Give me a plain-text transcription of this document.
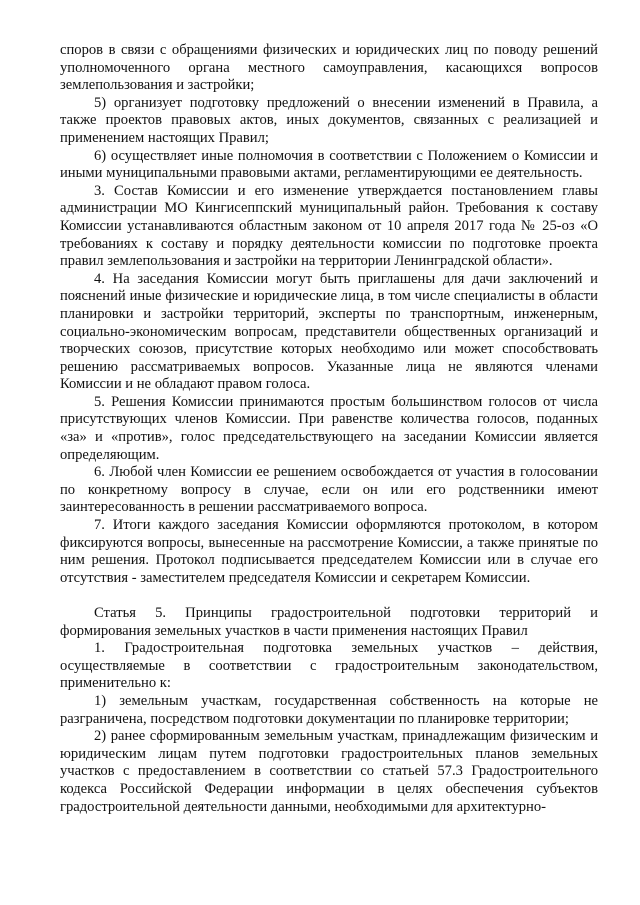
споров в связи с обращениями физических и юридических лиц по поводу решений уполномоченного органа местного самоуправления, касающихся вопросов землепользования и застройки;

5) организует подготовку предложений о внесении изменений в Правила, а также проектов правовых актов, иных документов, связанных с реализацией и применением настоящих Правил;

6) осуществляет иные полномочия в соответствии с Положением о Комиссии и иными муниципальными правовыми актами, регламентирующими ее деятельность.

3. Состав Комиссии и его изменение утверждается постановлением главы администрации МО Кингисеппский муниципальный район. Требования к составу Комиссии устанавливаются областным законом от 10 апреля 2017 года № 25-оз «О требованиях к составу и порядку деятельности комиссии по подготовке проекта правил землепользования и застройки на территории Ленинградской области».

4. На заседания Комиссии могут быть приглашены для дачи заключений и пояснений иные физические и юридические лица, в том числе специалисты в области планировки и застройки территорий, эксперты по транспортным, инженерным, социально-экономическим вопросам, представители общественных организаций и творческих союзов, присутствие которых необходимо или может способствовать решению рассматриваемых вопросов. Указанные лица не являются членами Комиссии и не обладают правом голоса.

5. Решения Комиссии принимаются простым большинством голосов от числа присутствующих членов Комиссии. При равенстве количества голосов, поданных «за» и «против», голос председательствующего на заседании Комиссии является определяющим.

6. Любой член Комиссии ее решением освобождается от участия в голосовании по конкретному вопросу в случае, если он или его родственники имеют заинтересованность в решении рассматриваемого вопроса.

7. Итоги каждого заседания Комиссии оформляются протоколом, в котором фиксируются вопросы, вынесенные на рассмотрение Комиссии, а также принятые по ним решения. Протокол подписывается председателем Комиссии или в случае его отсутствия - заместителем председателя Комиссии и секретарем Комиссии.

Статья 5. Принципы градостроительной подготовки территорий и формирования земельных участков в части применения настоящих Правил

1. Градостроительная подготовка земельных участков – действия, осуществляемые в соответствии с градостроительным законодательством, применительно к:

1) земельным участкам, государственная собственность на которые не разграничена, посредством подготовки документации по планировке территории;

2) ранее сформированным земельным участкам, принадлежащим физическим и юридическим лицам путем подготовки градостроительных планов земельных участков с предоставлением в соответствии со статьей 57.3 Градостроительного кодекса Российской Федерации информации в целях обеспечения субъектов градостроительной деятельности данными, необходимыми для архитектурно-
